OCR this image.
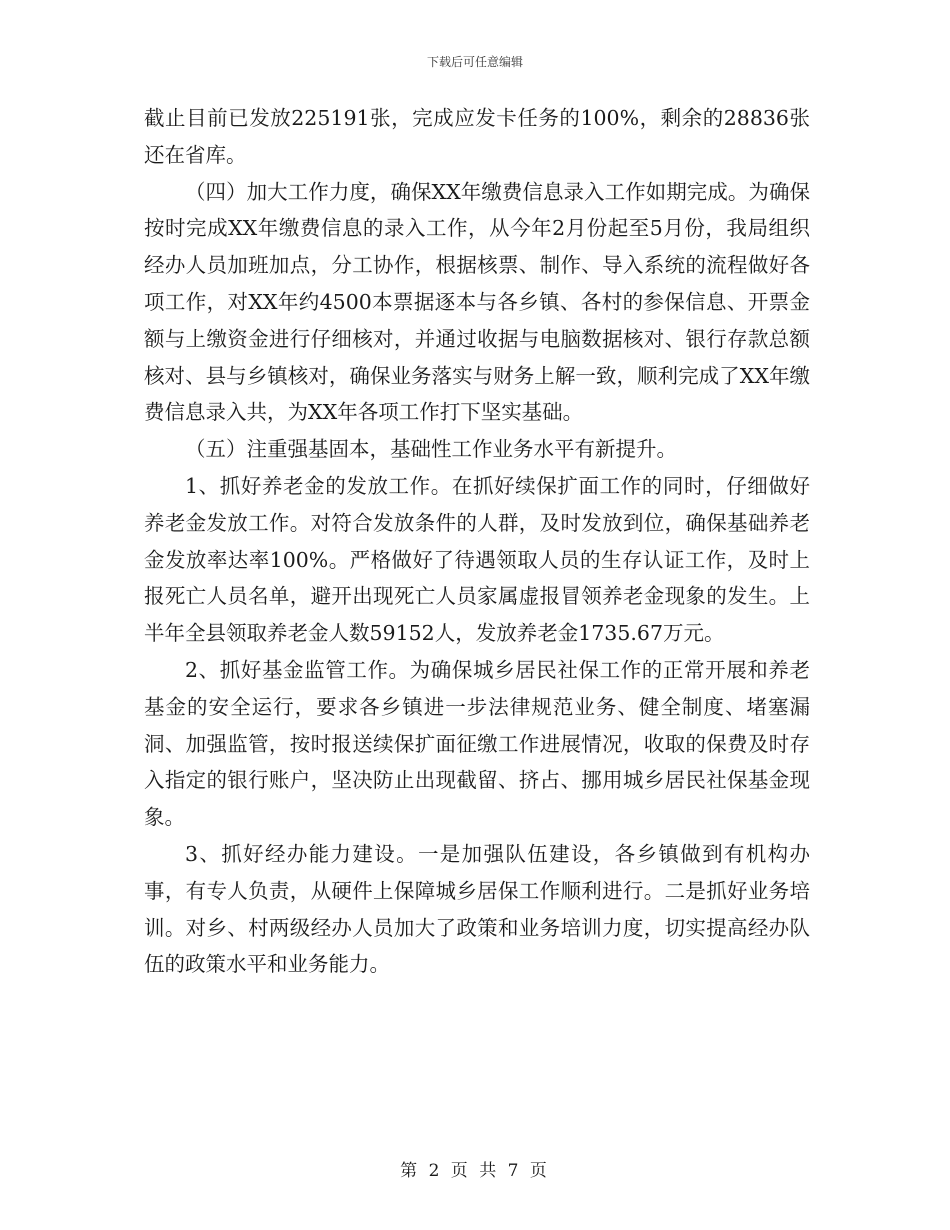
下载后可任意编辑

截止目前已发放225191张，完成应发卡任务的100%，剩余的28836张还在省库。

（四）加大工作力度，确保XX年缴费信息录入工作如期完成。为确保按时完成XX年缴费信息的录入工作，从今年2月份起至5月份，我局组织经办人员加班加点，分工协作，根据核票、制作、导入系统的流程做好各项工作，对XX年约4500本票据逐本与各乡镇、各村的参保信息、开票金额与上缴资金进行仔细核对，并通过收据与电脑数据核对、银行存款总额核对、县与乡镇核对，确保业务落实与财务上解一致，顺利完成了XX年缴费信息录入共，为XX年各项工作打下坚实基础。

（五）注重强基固本，基础性工作业务水平有新提升。

1、抓好养老金的发放工作。在抓好续保扩面工作的同时，仔细做好养老金发放工作。对符合发放条件的人群，及时发放到位，确保基础养老金发放率达率100%。严格做好了待遇领取人员的生存认证工作，及时上报死亡人员名单，避开出现死亡人员家属虚报冒领养老金现象的发生。上半年全县领取养老金人数59152人，发放养老金1735.67万元。

2、抓好基金监管工作。为确保城乡居民社保工作的正常开展和养老基金的安全运行，要求各乡镇进一步法律规范业务、健全制度、堵塞漏洞、加强监管，按时报送续保扩面征缴工作进展情况，收取的保费及时存入指定的银行账户，坚决防止出现截留、挤占、挪用城乡居民社保基金现象。

3、抓好经办能力建设。一是加强队伍建设，各乡镇做到有机构办事，有专人负责，从硬件上保障城乡居保工作顺利进行。二是抓好业务培训。对乡、村两级经办人员加大了政策和业务培训力度，切实提高经办队伍的政策水平和业务能力。

第 2 页 共 7 页
